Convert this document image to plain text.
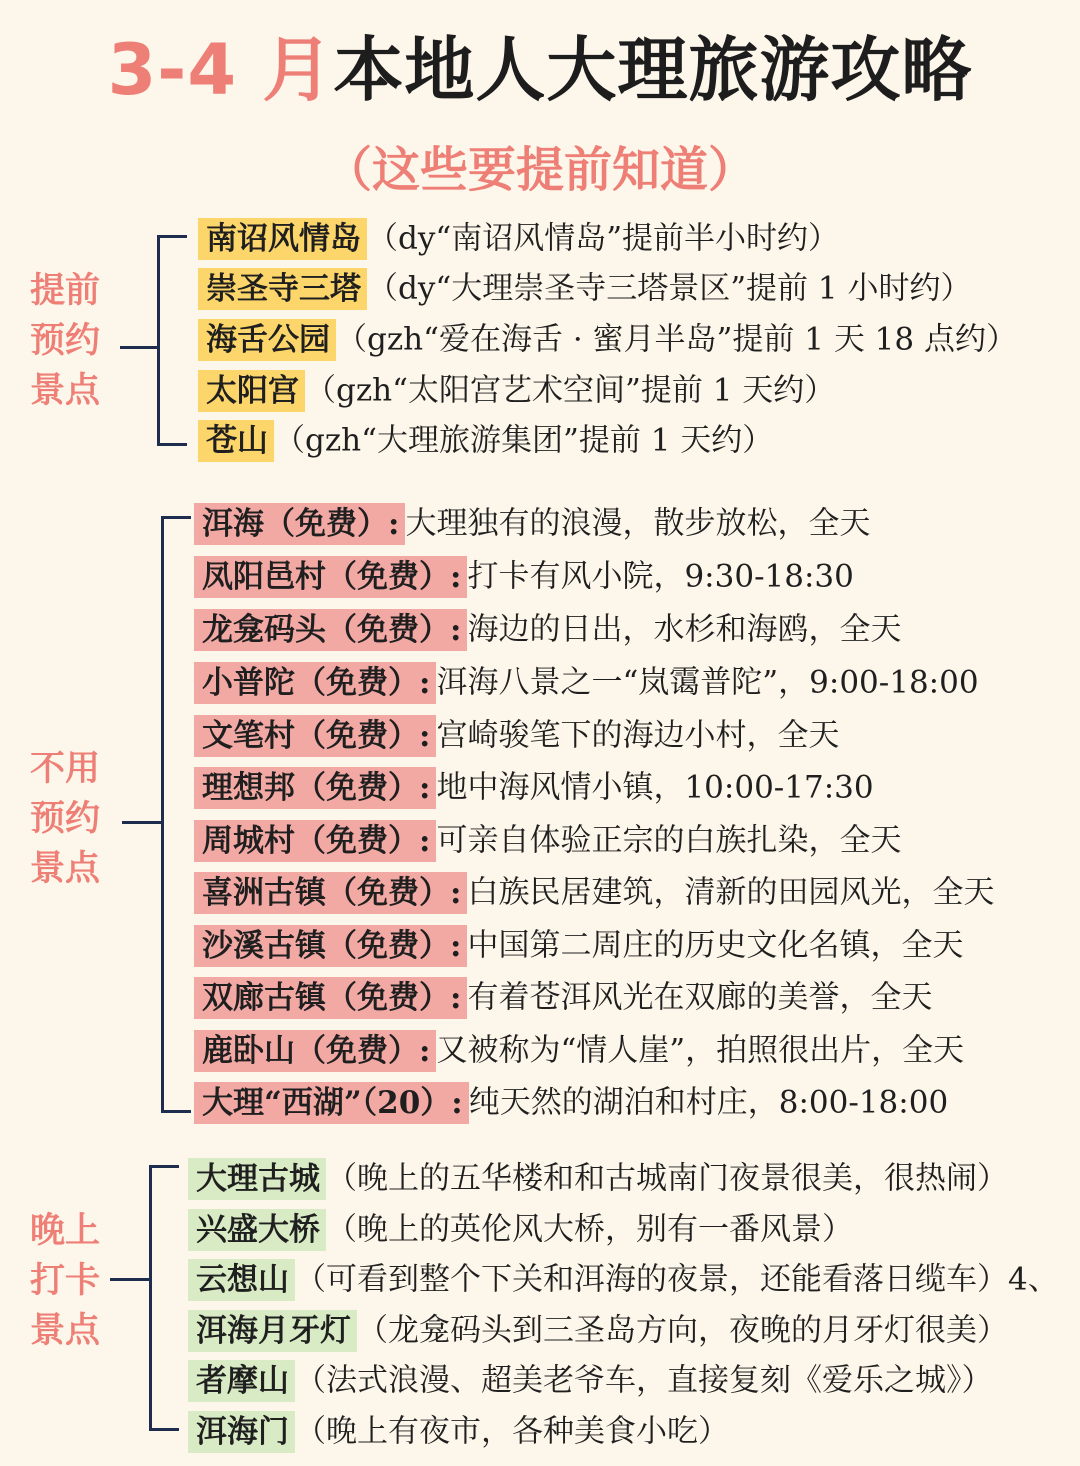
3-4 月本地人大理旅游攻略
（这些要提前知道）
提前
预约
景点
南诏风情岛 （dy“南诏风情岛”提前半小时约）
崇圣寺三塔 （dy“大理崇圣寺三塔景区”提前 1 小时约）
海舌公园 （gzh“爱在海舌 · 蜜月半岛”提前 1 天 18 点约）
太阳宫 （gzh“太阳宫艺术空间”提前 1 天约）
苍山 （gzh“大理旅游集团”提前 1 天约）
不用
预约
景点
洱海（免费）: 大理独有的浪漫，散步放松，全天
凤阳邑村（免费）: 打卡有风小院，9:30-18:30
龙龛码头（免费）: 海边的日出，水杉和海鸥，全天
小普陀（免费）: 洱海八景之一“岚霭普陀”，9:00-18:00
文笔村（免费）: 宫崎骏笔下的海边小村，全天
理想邦（免费）: 地中海风情小镇，10:00-17:30
周城村（免费）: 可亲自体验正宗的白族扎染，全天
喜洲古镇（免费）: 白族民居建筑，清新的田园风光，全天
沙溪古镇（免费）: 中国第二周庄的历史文化名镇，全天
双廊古镇（免费）: 有着苍洱风光在双廊的美誉，全天
鹿卧山（免费）: 又被称为“情人崖”，拍照很出片，全天
大理“西湖”（20）: 纯天然的湖泊和村庄，8:00-18:00
晚上
打卡
景点
大理古城 （晚上的五华楼和和古城南门夜景很美，很热闹）
兴盛大桥 （晚上的英伦风大桥，别有一番风景）
云想山 （可看到整个下关和洱海的夜景，还能看落日缆车）4、
洱海月牙灯 （龙龛码头到三圣岛方向，夜晚的月牙灯很美）
者摩山 （法式浪漫、超美老爷车，直接复刻《爱乐之城》）
洱海门 （晚上有夜市，各种美食小吃）
